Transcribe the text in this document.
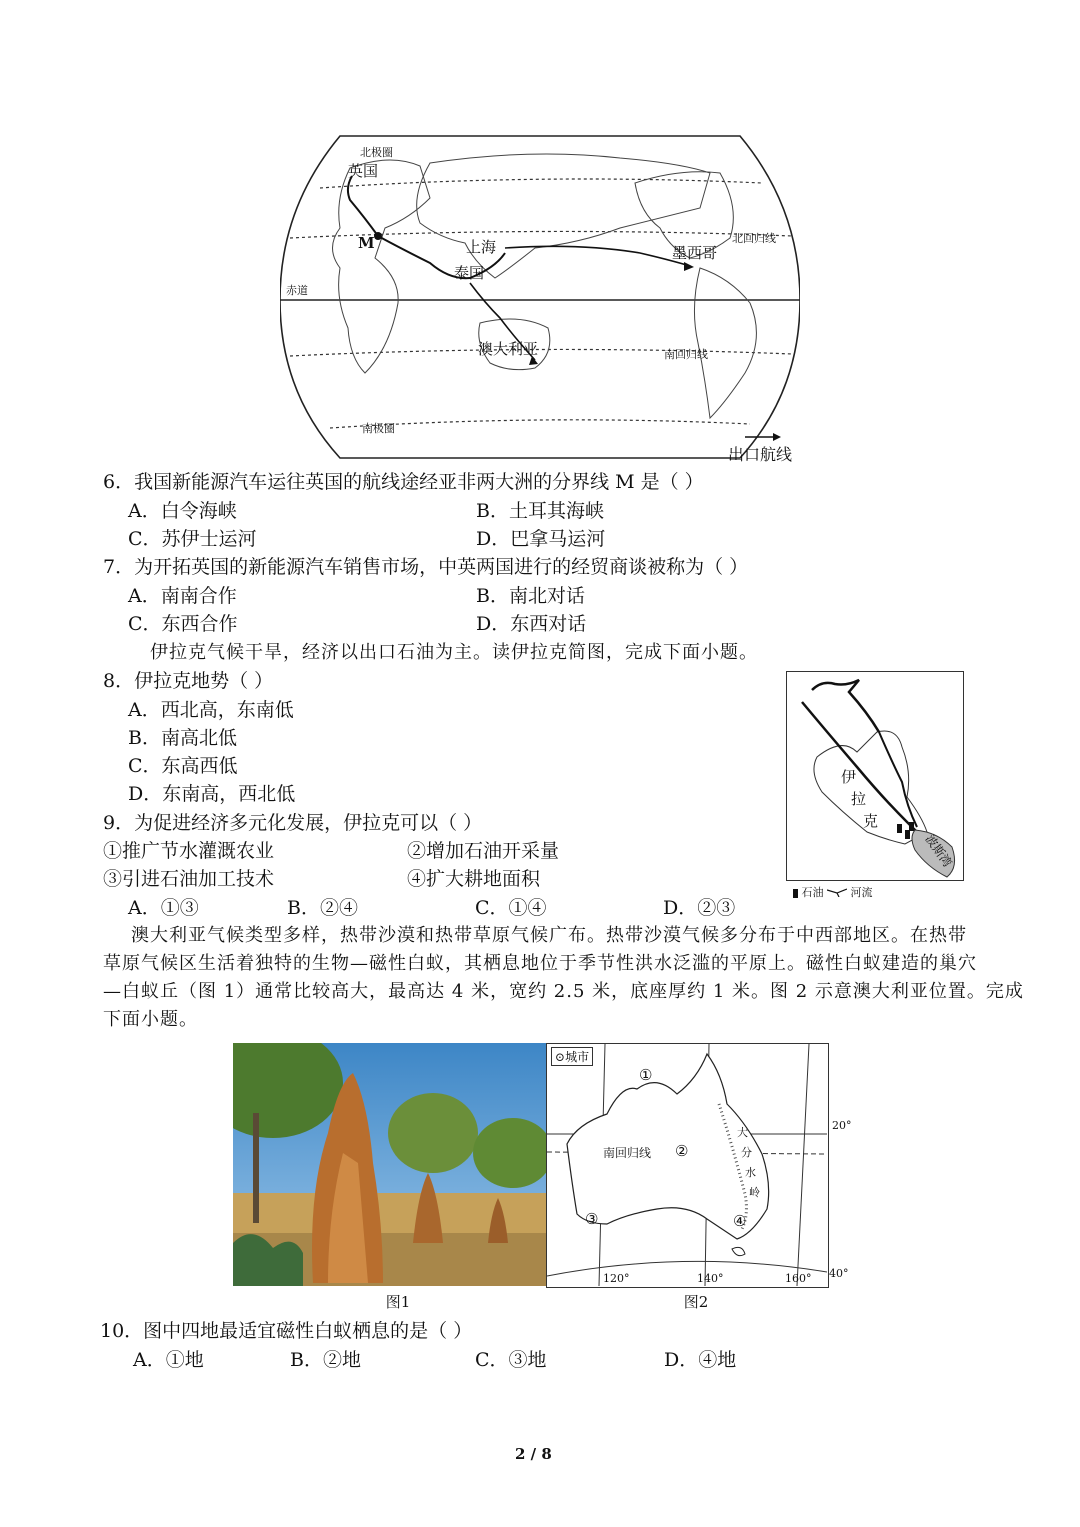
北极圈
英国
M	上海
泰国
墨西哥
北回归线
赤道
澳大利亚	南回归线
南极圈
出口航线
6．我国新能源汽车运往英国的航线途经亚非两大洲的分界线 M 是（ ）
A．白令海峡	B．土耳其海峡
C．苏伊士运河	D．巴拿马运河
7．为开拓英国的新能源汽车销售市场，中英两国进行的经贸商谈被称为（ ）
A．南南合作	B．南北对话
C．东西合作	D．东西对话
伊拉克气候干旱，经济以出口石油为主。读伊拉克简图，完成下面小题。
8．伊拉克地势（ ）
A．西北高，东南低
B．南高北低
C．东高西低
D．东南高，西北低
伊
拉
克
波斯湾
石油 河流
9．为促进经济多元化发展，伊拉克可以（ ）
①推广节水灌溉农业	②增加石油开采量
③引进石油加工技术	④扩大耕地面积
A．①③	B．②④	C．①④	D．②③
澳大利亚气候类型多样，热带沙漠和热带草原气候广布。热带沙漠气候多分布于中西部地区。在热带
草原气候区生活着独特的生物—磁性白蚁，其栖息地位于季节性洪水泛滥的平原上。磁性白蚁建造的巢穴
—白蚁丘（图 1）通常比较高大，最高达 4 米，宽约 2.5 米，底座厚约 1 米。图 2 示意澳大利亚位置。完成
下面小题。
图1
⊙城市
南回归线
20°
40°
120°	140°	160°
大
分
水
岭
①
②
③	④
图2
10．图中四地最适宜磁性白蚁栖息的是（ ）
A．①地	B．②地	C．③地	D．④地
2 / 8
